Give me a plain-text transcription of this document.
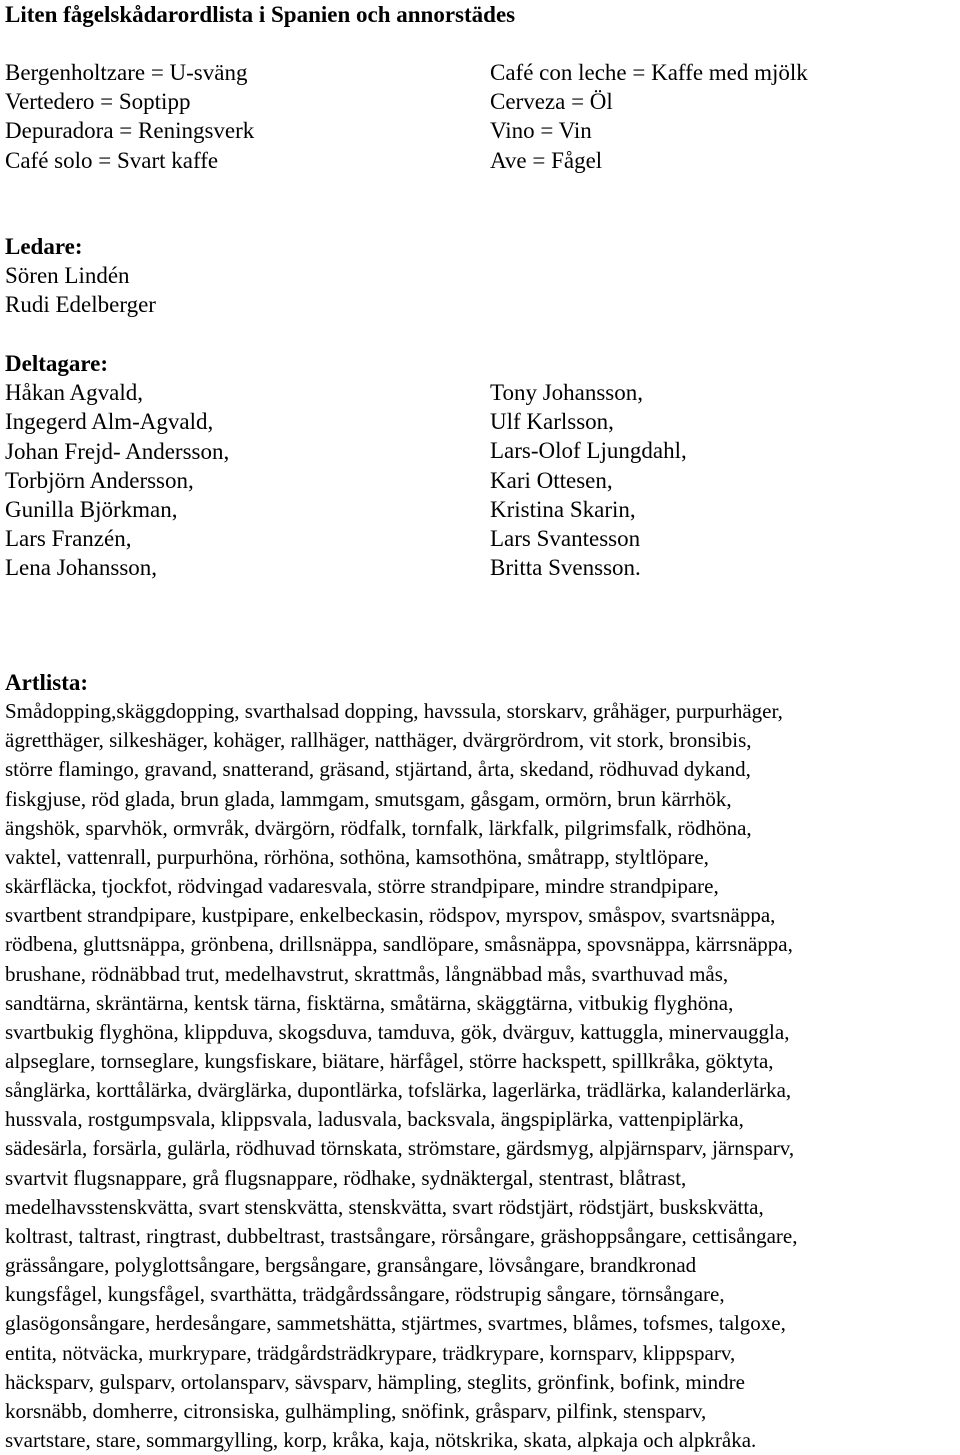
Liten fågelskådarordlista i Spanien och annorstädes
Bergenholtzare = U-sväng
Vertedero = Soptipp
Depuradora = Reningsverk
Café solo = Svart kaffe
Café con leche = Kaffe med mjölk
Cerveza = Öl
Vino = Vin
Ave = Fågel
Ledare:
Sören Lindén
Rudi Edelberger
Deltagare:
Håkan Agvald,
Ingegerd Alm-Agvald,
Johan Frejd- Andersson,
Torbjörn Andersson,
Gunilla Björkman,
Lars Franzén,
Lena Johansson,
Tony Johansson,
Ulf Karlsson,
Lars-Olof Ljungdahl,
Kari Ottesen,
Kristina Skarin,
Lars Svantesson
Britta Svensson.
Artlista:
Smådopping,skäggdopping, svarthalsad dopping, havssula, storskarv, gråhäger, purpurhäger,
ägretthäger, silkeshäger, kohäger, rallhäger, natthäger, dvärgrördrom, vit stork, bronsibis,
större flamingo, gravand, snatterand, gräsand, stjärtand, årta, skedand, rödhuvad dykand,
fiskgjuse, röd glada, brun glada, lammgam, smutsgam, gåsgam, ormörn, brun kärrhök,
ängshök, sparvhök, ormvråk, dvärgörn, rödfalk, tornfalk, lärkfalk, pilgrimsfalk, rödhöna,
vaktel, vattenrall, purpurhöna, rörhöna, sothöna, kamsothöna, småtrapp, styltlöpare,
skärfläcka, tjockfot, rödvingad vadaresvala, större strandpipare, mindre strandpipare,
svartbent strandpipare, kustpipare, enkelbeckasin, rödspov, myrspov, småspov, svartsnäppa,
rödbena, gluttsnäppa, grönbena, drillsnäppa, sandlöpare, småsnäppa, spovsnäppa, kärrsnäppa,
brushane, rödnäbbad trut, medelhavstrut, skrattmås, långnäbbad mås, svarthuvad mås,
sandtärna, skräntärna, kentsk tärna, fisktärna, småtärna, skäggtärna, vitbukig flyghöna,
svartbukig flyghöna, klippduva, skogsduva, tamduva, gök, dvärguv, kattuggla, minervauggla,
alpseglare, tornseglare, kungsfiskare, biätare, härfågel, större hackspett, spillkråka, göktyta,
sånglärka, korttålärka, dvärglärka, dupontlärka, tofslärka, lagerlärka, trädlärka, kalanderlärka,
hussvala, rostgumpsvala, klippsvala, ladusvala, backsvala, ängspiplärka, vattenpiplärka,
sädesärla, forsärla, gulärla, rödhuvad törnskata, strömstare, gärdsmyg, alpjärnsparv, järnsparv,
svartvit flugsnappare, grå flugsnappare, rödhake, sydnäktergal, stentrast, blåtrast,
medelhavsstenskvätta, svart stenskvätta, stenskvätta, svart rödstjärt, rödstjärt, buskskvätta,
koltrast, taltrast, ringtrast, dubbeltrast, trastsångare, rörsångare, gräshoppsångare, cettisångare,
grässångare, polyglottsångare, bergsångare, gransångare, lövsångare, brandkronad
kungsfågel, kungsfågel, svarthätta, trädgårdssångare, rödstrupig sångare, törnsångare,
glasögonsångare, herdesångare, sammetshätta, stjärtmes, svartmes, blåmes, tofsmes, talgoxe,
entita, nötväcka, murkrypare, trädgårdsträdkrypare, trädkrypare, kornsparv, klippsparv,
häcksparv, gulsparv, ortolansparv, sävsparv, hämpling, steglits, grönfink, bofink, mindre
korsnäbb, domherre, citronsiska, gulhämpling, snöfink, gråsparv, pilfink, stensparv,
svartstare, stare, sommargylling, korp, kråka, kaja, nötskrika, skata, alpkaja och alpkråka.
